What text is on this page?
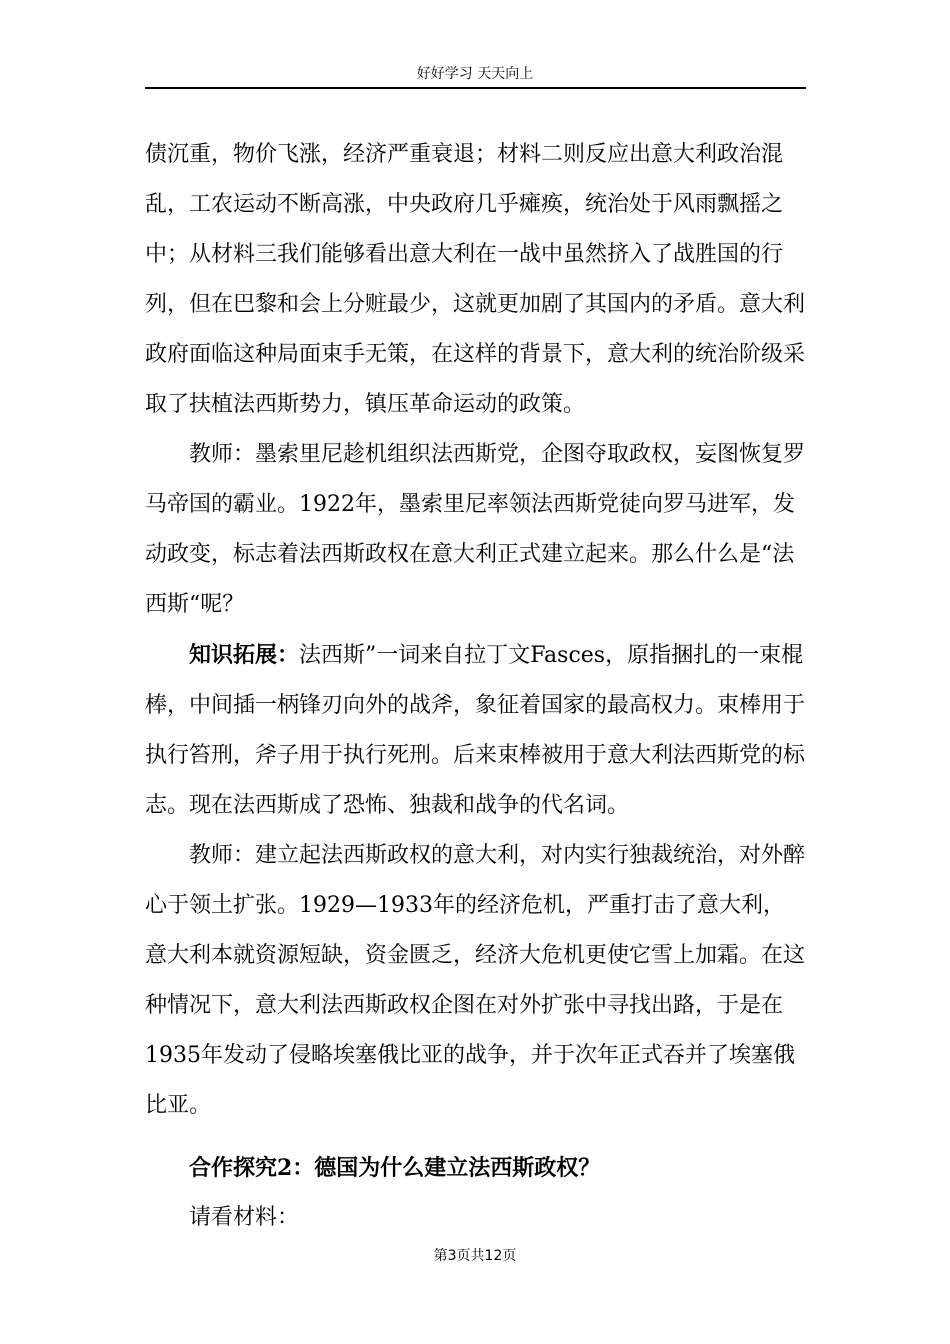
好好学习 天天向上

债沉重，物价飞涨，经济严重衰退；材料二则反应出意大利政治混乱，工农运动不断高涨，中央政府几乎瘫痪，统治处于风雨飘摇之中；从材料三我们能够看出意大利在一战中虽然挤入了战胜国的行列，但在巴黎和会上分赃最少，这就更加剧了其国内的矛盾。意大利政府面临这种局面束手无策，在这样的背景下，意大利的统治阶级采取了扶植法西斯势力，镇压革命运动的政策。

教师：墨索里尼趁机组织法西斯党，企图夺取政权，妄图恢复罗马帝国的霸业。1922年，墨索里尼率领法西斯党徒向罗马进军，发动政变，标志着法西斯政权在意大利正式建立起来。那么什么是“法西斯“呢？

知识拓展：法西斯”一词来自拉丁文Fasces，原指捆扎的一束棍棒，中间插一柄锋刃向外的战斧，象征着国家的最高权力。束棒用于执行笞刑，斧子用于执行死刑。后来束棒被用于意大利法西斯党的标志。现在法西斯成了恐怖、独裁和战争的代名词。

教师：建立起法西斯政权的意大利，对内实行独裁统治，对外醉心于领土扩张。1929—1933年的经济危机，严重打击了意大利，意大利本就资源短缺，资金匮乏，经济大危机更使它雪上加霜。在这种情况下，意大利法西斯政权企图在对外扩张中寻找出路，于是在1935年发动了侵略埃塞俄比亚的战争，并于次年正式吞并了埃塞俄比亚。

合作探究2：德国为什么建立法西斯政权？

请看材料：

第3页共12页
